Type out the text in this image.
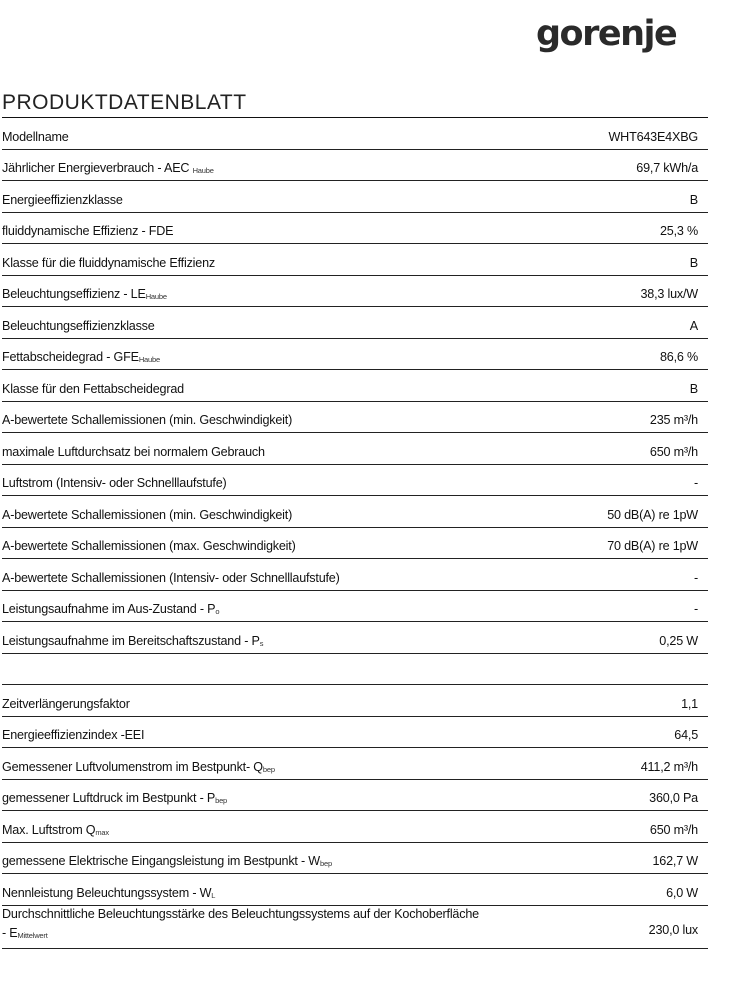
gorenje
PRODUKTDATENBLATT
Modellname	WHT643E4XBG
Jährlicher Energieverbrauch - AEC $_{Haube}$	69,7 kWh/a
Energieeffizienzklasse	B
fluiddynamische Effizienz - FDE	25,3 %
Klasse für die fluiddynamische Effizienz	B
Beleuchtungseffizienz - $LE_{Haube}$	38,3 lux/W
Beleuchtungseffizienzklasse	A
Fettabscheidegrad - $GFE_{Haube}$	86,6 %
Klasse für den Fettabscheidegrad	B
A-bewertete Schallemissionen (min. Geschwindigkeit)	235 m³/h
maximale Luftdurchsatz bei normalem Gebrauch	650 m³/h
Luftstrom (Intensiv- oder Schnelllaufstufe)	-
A-bewertete Schallemissionen (min. Geschwindigkeit)	50 dB(A) re 1pW
A-bewertete Schallemissionen (max. Geschwindigkeit)	70 dB(A) re 1pW
A-bewertete Schallemissionen (Intensiv- oder Schnelllaufstufe)	-
Leistungsaufnahme im $Aus-Zustand - P_o$	-
Leistungsaufnahme im Bereitschaftszustand - $P_s$	0,25 W
Zeitverlängerungsfaktor	1,1
Energieeffizienzindex -EEI	64,5
Gemessener Luftvolumenstrom im Bestpunkt- $Q_{bep}$	411,2 m³/h
gemessener Luftdruck im Bestpunkt - $P_{bep}$	360,0 Pa
Max. Luftstrom $Q_{max}$	650 m³/h
gemessene Elektrische Eingangsleistung im Bestpunkt - $W_{bep}$	162,7 W
Nennleistung Beleuchtungssystem - $W_L$	6,0 W
Durchschnittliche Beleuchtungsstärke des Beleuchtungssystems auf der Kochoberfläche
- $E_{Mittelwert}$	230,0 lux
